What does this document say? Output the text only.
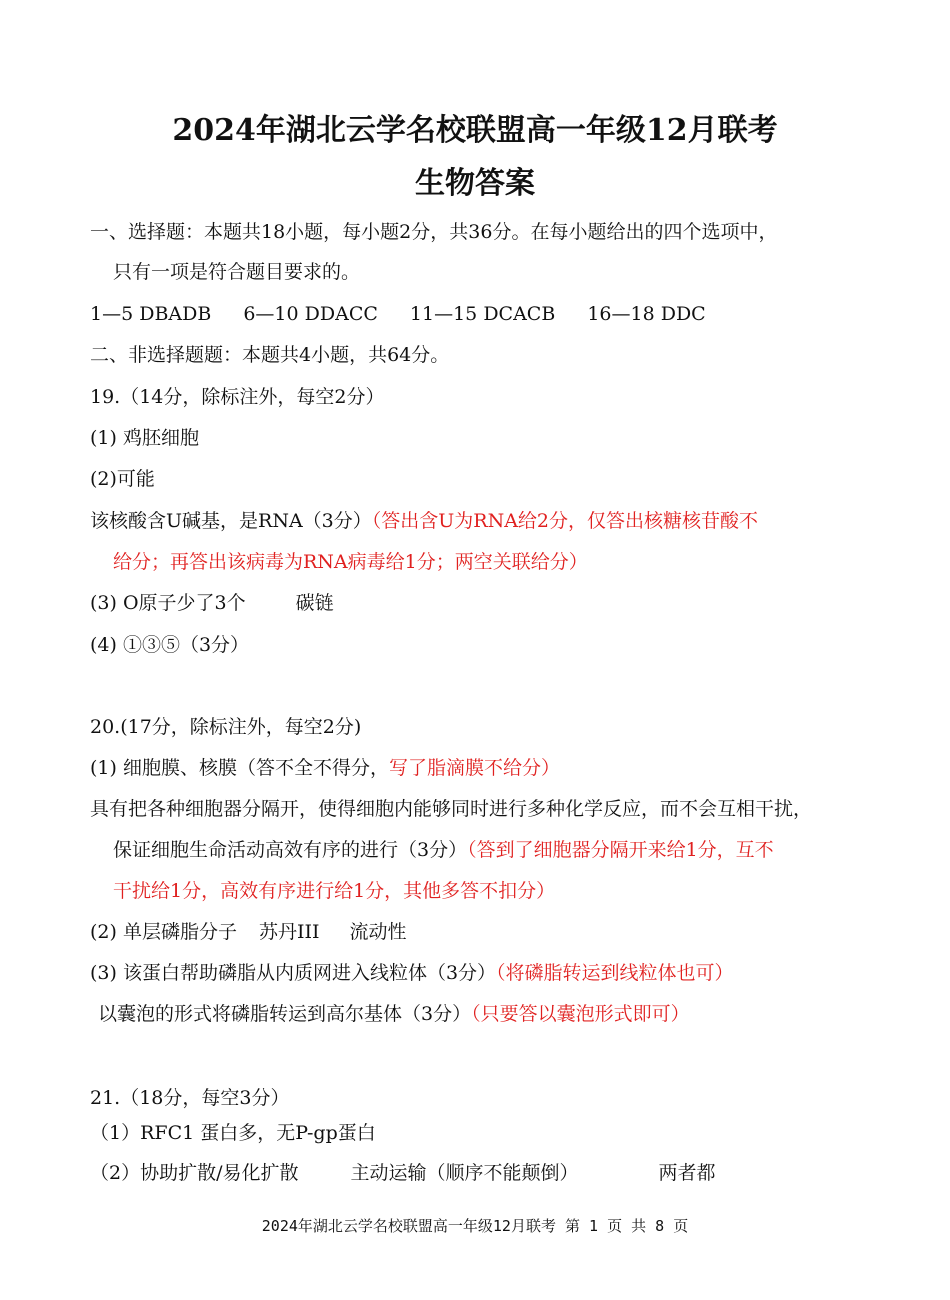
2024年湖北云学名校联盟高一年级12月联考
生物答案
一、选择题：本题共18小题，每小题2分，共36分。在每小题给出的四个选项中，
只有一项是符合题目要求的。
1—5 DBADB 6—10 DDACC 11—15 DCACB 16—18 DDC
二、非选择题题：本题共4小题，共64分。
19.（14分，除标注外，每空2分）
(1) 鸡胚细胞
(2)可能
该核酸含U碱基，是RNA（3分）（答出含U为RNA给2分，仅答出核糖核苷酸不
给分；再答出该病毒为RNA病毒给1分；两空关联给分）
(3) O原子少了3个	碳链
(4) ①③⑤（3分）
20.(17分，除标注外，每空2分)
(1) 细胞膜、核膜（答不全不得分，写了脂滴膜不给分）
具有把各种细胞器分隔开，使得细胞内能够同时进行多种化学反应，而不会互相干扰，
保证细胞生命活动高效有序的进行（3分）（答到了细胞器分隔开来给1分，互不
干扰给1分，高效有序进行给1分，其他多答不扣分）
(2) 单层磷脂分子 苏丹III 流动性
(3) 该蛋白帮助磷脂从内质网进入线粒体（3分）（将磷脂转运到线粒体也可）
以囊泡的形式将磷脂转运到高尔基体（3分）（只要答以囊泡形式即可）
21.（18分，每空3分）
（1）RFC1 蛋白多，无P-gp蛋白
（2）协助扩散/易化扩散	主动运输（顺序不能颠倒）	两者都
2024年湖北云学名校联盟高一年级12月联考 第 1 页 共 8 页
